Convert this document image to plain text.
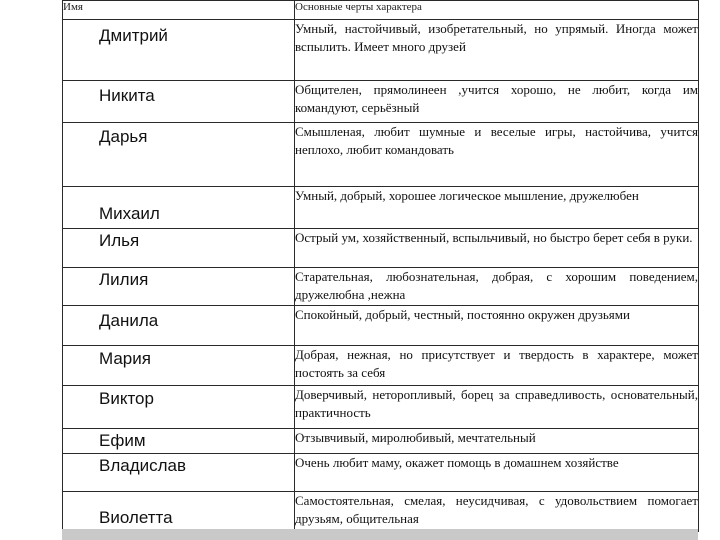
Имя	Основные черты характера

Дмитрий	Умный, настойчивый, изобретательный, но упрямый. Иногда может вспылить. Имеет много друзей

Никита	Общителен, прямолинеен ,учится хорошо, не любит, когда им командуют, серьёзный

Дарья	Смышленая, любит шумные и веселые игры, настойчива, учится неплохо, любит командовать

Михаил	Умный, добрый, хорошее логическое мышление, дружелюбен

Илья	Острый ум, хозяйственный, вспыльчивый, но быстро берет себя в руки.

Лилия	Старательная, любознательная, добрая, с хорошим поведением, дружелюбна ,нежна

Данила	Спокойный, добрый, честный, постоянно окружен друзьями

Мария	Добрая, нежная, но присутствует и твердость в характере, может постоять за себя

Виктор	Доверчивый, неторопливый, борец за справедливость, основательный, практичность

Ефим	Отзывчивый, миролюбивый, мечтательный

Владислав	Очень любит маму, окажет помощь в домашнем хозяйстве

Виолетта	Самостоятельная, смелая, неусидчивая, с удовольствием помогает друзьям, общительная
